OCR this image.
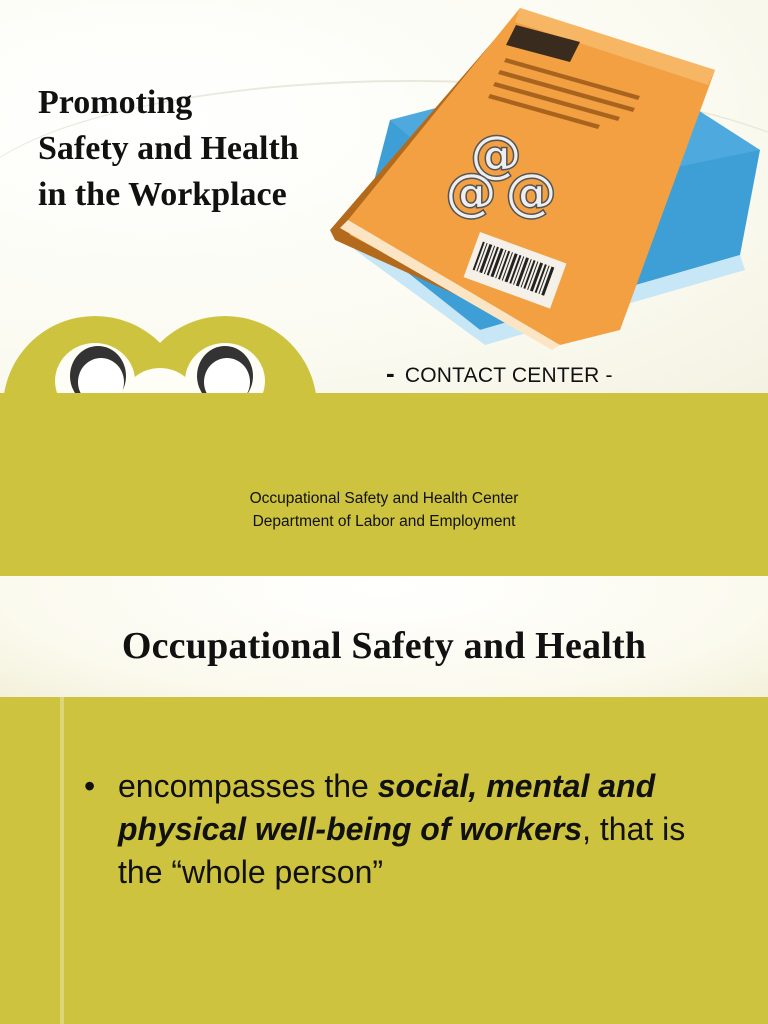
@
@ @
Promoting
Safety and Health
in the Workplace
- CONTACT CENTER -
Occupational Safety and Health Center
Department of Labor and Employment
Occupational Safety and Health
• encompasses the social, mental and physical well-being of workers, that is the “whole person”
